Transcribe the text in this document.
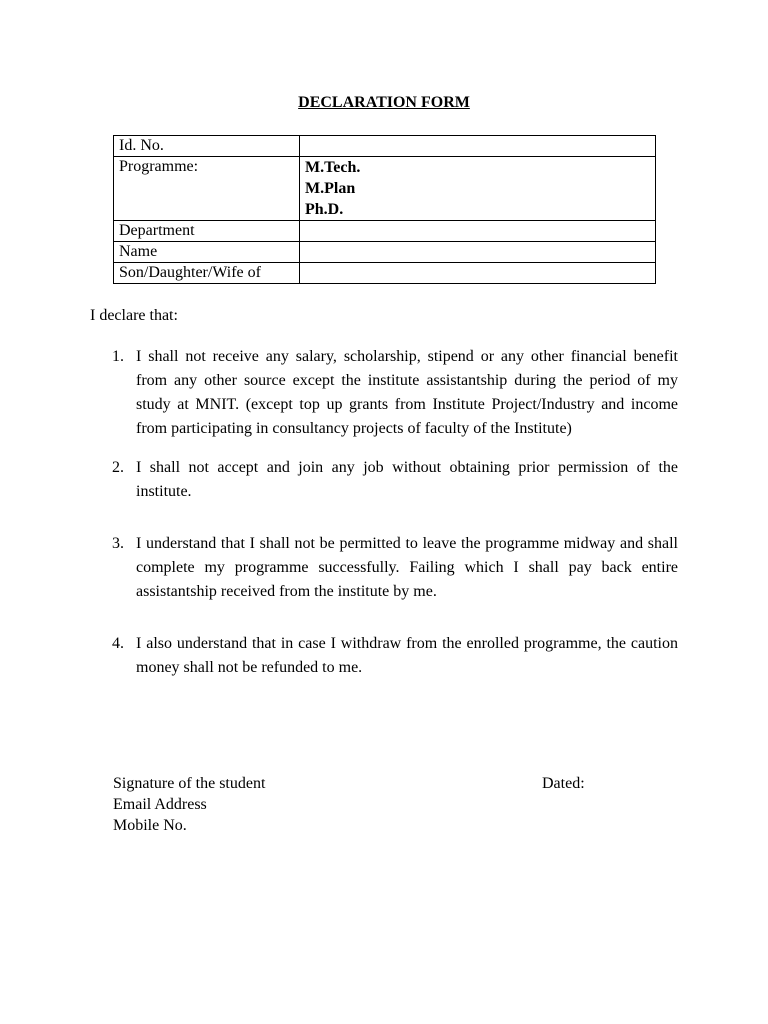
DECLARATION FORM
Id. No.	
Programme:	M.Tech.
M.Plan
Ph.D.

Department	
Name	
Son/Daughter/Wife of	
I declare that:
1. I shall not receive any salary, scholarship, stipend or any other financial benefit from any other source except the institute assistantship during the period of my study at MNIT. (except top up grants from Institute Project/Industry and income from participating in consultancy projects of faculty of the Institute)
2. I shall not accept and join any job without obtaining prior permission of the institute.
3. I understand that I shall not be permitted to leave the programme midway and shall complete my programme successfully. Failing which I shall pay back entire assistantship received from the institute by me.
4. I also understand that in case I withdraw from the enrolled programme, the caution money shall not be refunded to me.
Signature of the student
Email Address
Mobile No.
Dated:
